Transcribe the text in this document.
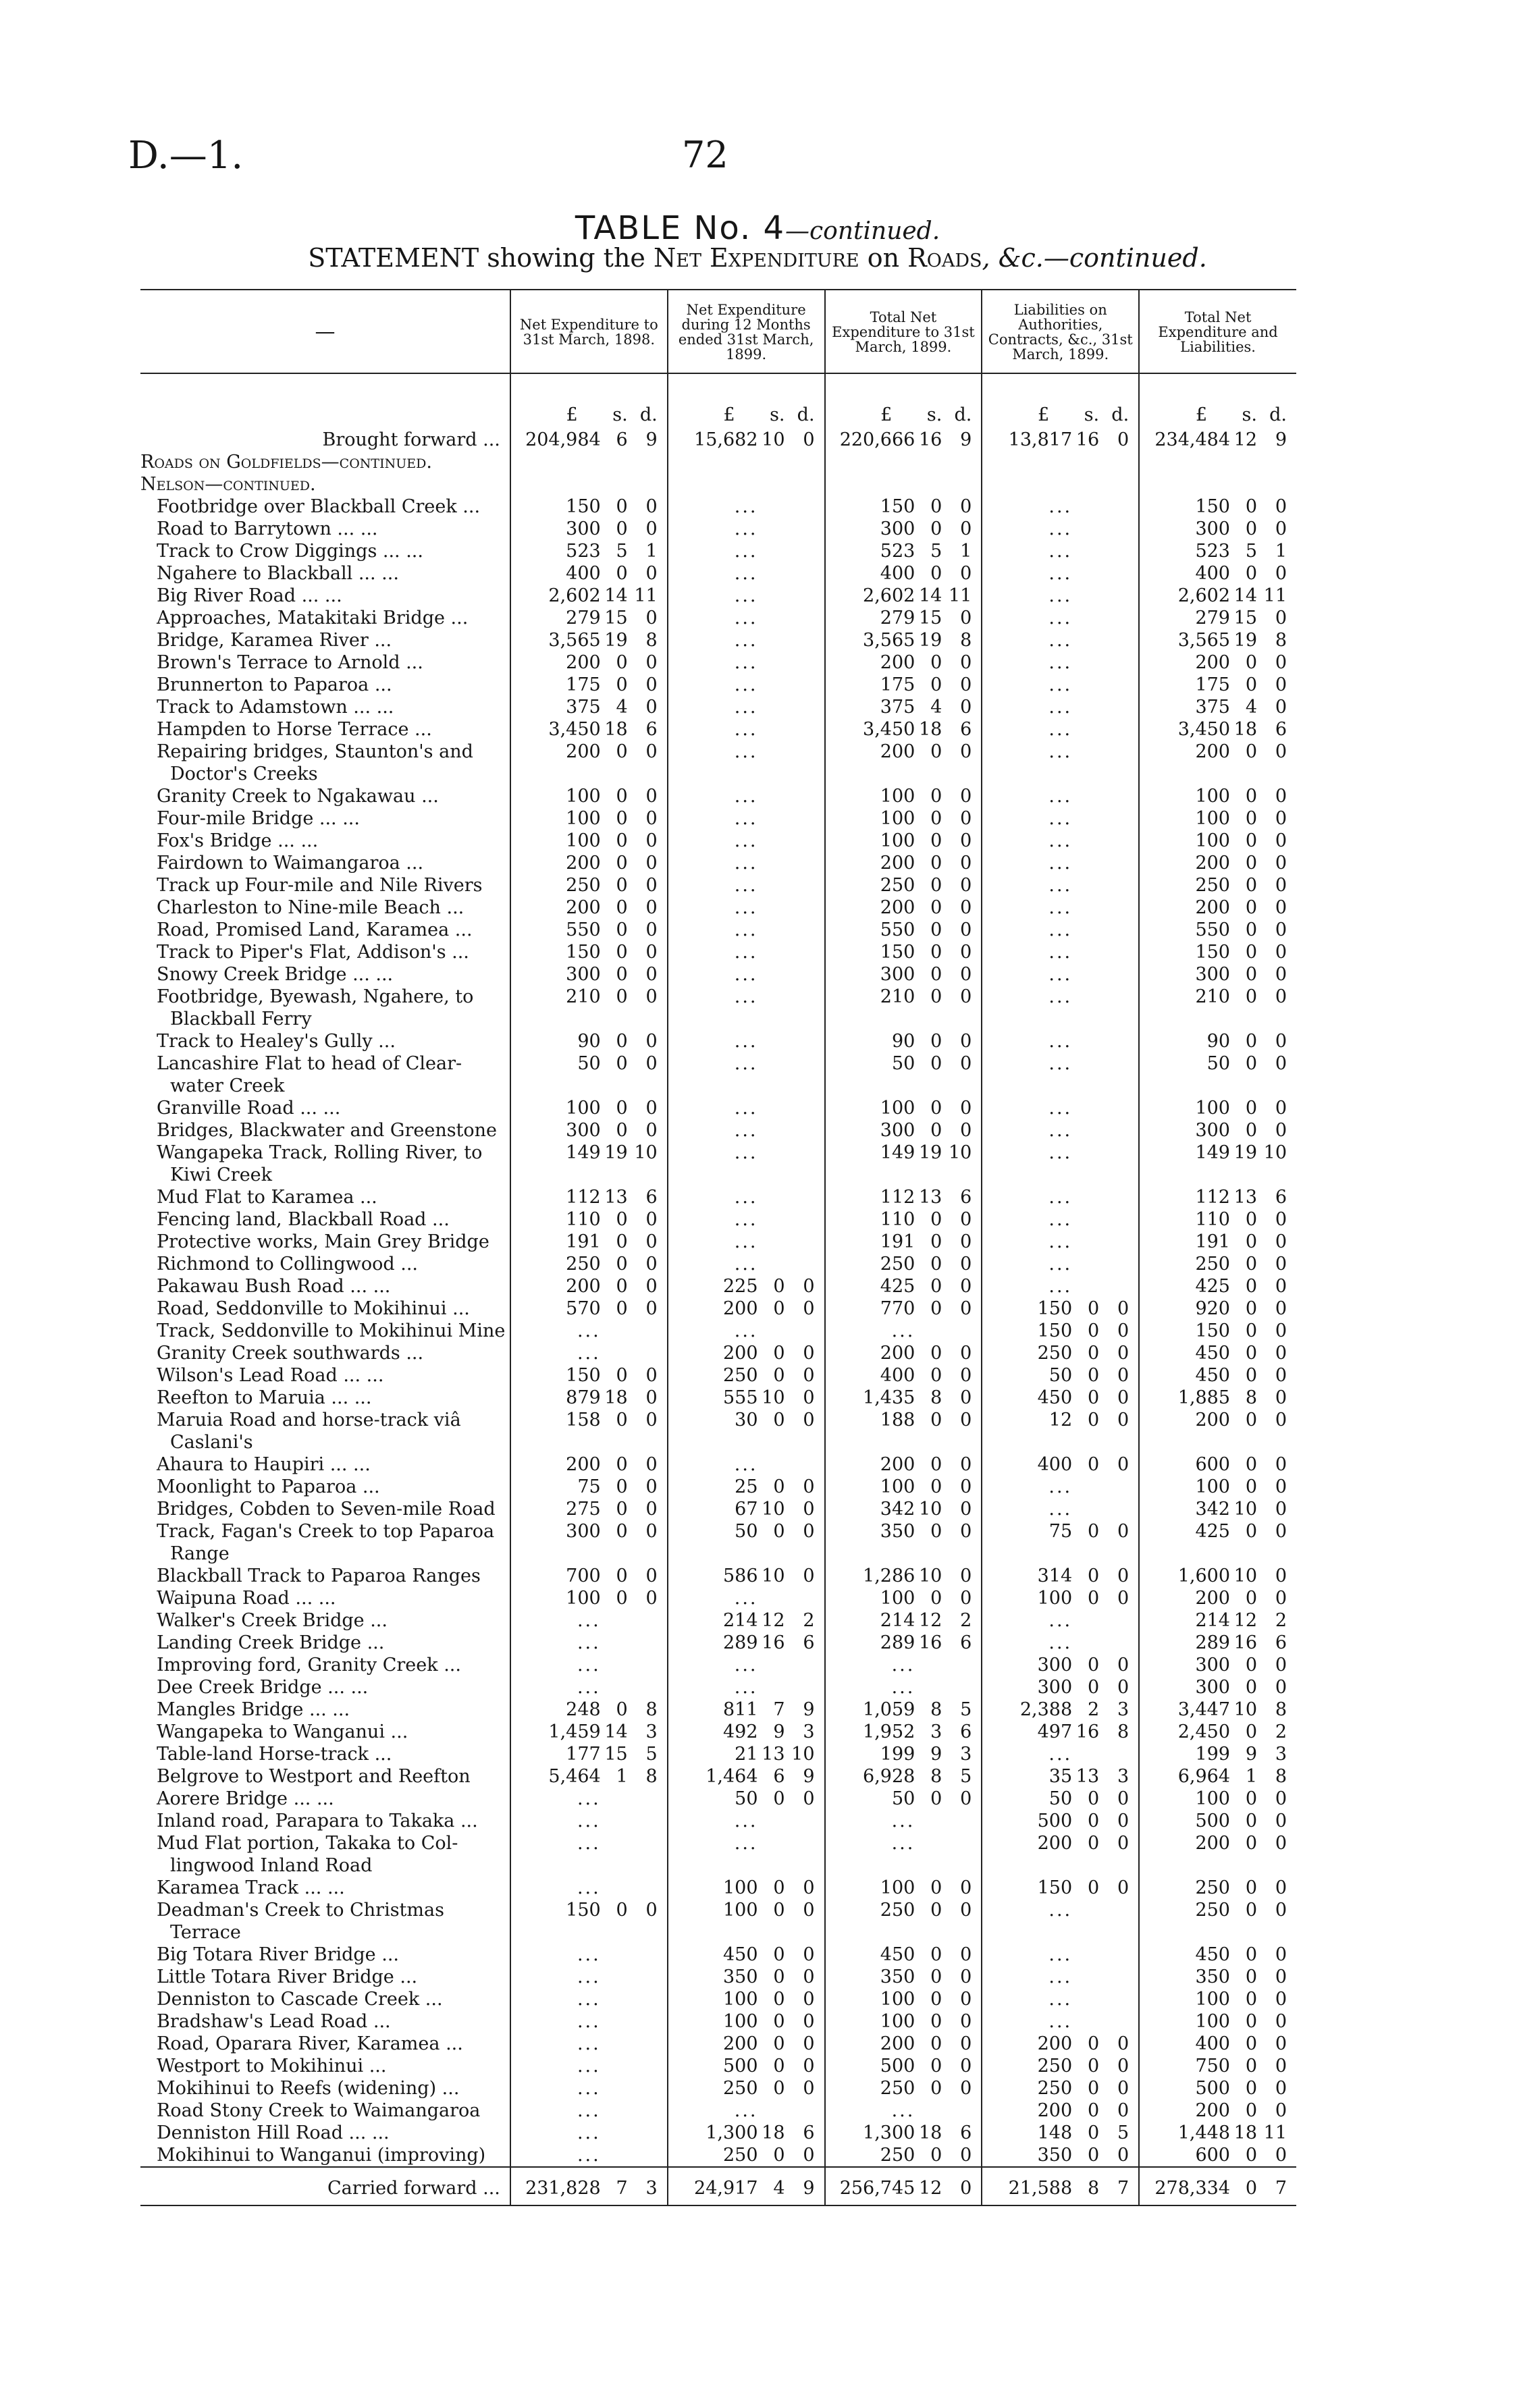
D.—1.	72
TABLE No. 4—continued.
STATEMENT showing the Net Expenditure on Roads, &c.—continued.
—	Net Expenditure to 31st March, 1898.	Net Expenditure during 12 Months ended 31st March, 1899.	Total Net Expenditure to 31st March, 1899.	Liabilities on Authorities, Contracts, &c., 31st March, 1899.	Total Net Expenditure and Liabilities.

	£ s. d.	£ s. d.	£ s. d.	£ s. d.	£ s. d.

Brought forward ...	204,984 6 9	15,682 10 0	220,666 16 9	13,817 16 0	234,484 12 9

Roads on Goldfields—continued.					
Nelson—continued.					

Footbridge over Blackball Creek ...	150 0 0	...	150 0 0	...	150 0 0

Road to Barrytown ... ...	300 0 0	...	300 0 0	...	300 0 0

Track to Crow Diggings ... ...	523 5 1	...	523 5 1	...	523 5 1

Ngahere to Blackball ... ...	400 0 0	...	400 0 0	...	400 0 0

Big River Road ... ...	2,602 14 11	...	2,602 14 11	...	2,602 14 11

Approaches, Matakitaki Bridge ...	279 15 0	...	279 15 0	...	279 15 0

Bridge, Karamea River ...	3,565 19 8	...	3,565 19 8	...	3,565 19 8

Brown's Terrace to Arnold ...	200 0 0	...	200 0 0	...	200 0 0

Brunnerton to Paparoa ...	175 0 0	...	175 0 0	...	175 0 0

Track to Adamstown ... ...	375 4 0	...	375 4 0	...	375 4 0

Hampden to Horse Terrace ...	3,450 18 6	...	3,450 18 6	...	3,450 18 6

Repairing bridges, Staunton's and
Doctor's Creeks	200 0 0	...	200 0 0	...	200 0 0

Granity Creek to Ngakawau ...	100 0 0	...	100 0 0	...	100 0 0

Four-mile Bridge ... ...	100 0 0	...	100 0 0	...	100 0 0

Fox's Bridge ... ...	100 0 0	...	100 0 0	...	100 0 0

Fairdown to Waimangaroa ...	200 0 0	...	200 0 0	...	200 0 0

Track up Four-mile and Nile Rivers	250 0 0	...	250 0 0	...	250 0 0

Charleston to Nine-mile Beach ...	200 0 0	...	200 0 0	...	200 0 0

Road, Promised Land, Karamea ...	550 0 0	...	550 0 0	...	550 0 0

Track to Piper's Flat, Addison's ...	150 0 0	...	150 0 0	...	150 0 0

Snowy Creek Bridge ... ...	300 0 0	...	300 0 0	...	300 0 0

Footbridge, Byewash, Ngahere, to
Blackball Ferry	210 0 0	...	210 0 0	...	210 0 0

Track to Healey's Gully ...	90 0 0	...	90 0 0	...	90 0 0

Lancashire Flat to head of Clear-
water Creek	50 0 0	...	50 0 0	...	50 0 0

Granville Road ... ...	100 0 0	...	100 0 0	...	100 0 0

Bridges, Blackwater and Greenstone	300 0 0	...	300 0 0	...	300 0 0

Wangapeka Track, Rolling River, to
Kiwi Creek	149 19 10	...	149 19 10	...	149 19 10

Mud Flat to Karamea ...	112 13 6	...	112 13 6	...	112 13 6

Fencing land, Blackball Road ...	110 0 0	...	110 0 0	...	110 0 0

Protective works, Main Grey Bridge	191 0 0	...	191 0 0	...	191 0 0

Richmond to Collingwood ...	250 0 0	...	250 0 0	...	250 0 0

Pakawau Bush Road ... ...	200 0 0	225 0 0	425 0 0	...	425 0 0

Road, Seddonville to Mokihinui ...	570 0 0	200 0 0	770 0 0	150 0 0	920 0 0

Track, Seddonville to Mokihinui Mine	...	...	...	150 0 0	150 0 0

Granity Creek southwards ...	...	200 0 0	200 0 0	250 0 0	450 0 0

Wilson's Lead Road ... ...	150 0 0	250 0 0	400 0 0	50 0 0	450 0 0

Reefton to Maruia ... ...	879 18 0	555 10 0	1,435 8 0	450 0 0	1,885 8 0

Maruia Road and horse-track viâ
Caslani's	158 0 0	30 0 0	188 0 0	12 0 0	200 0 0

Ahaura to Haupiri ... ...	200 0 0	...	200 0 0	400 0 0	600 0 0

Moonlight to Paparoa ...	75 0 0	25 0 0	100 0 0	...	100 0 0

Bridges, Cobden to Seven-mile Road	275 0 0	67 10 0	342 10 0	...	342 10 0

Track, Fagan's Creek to top Paparoa
Range	300 0 0	50 0 0	350 0 0	75 0 0	425 0 0

Blackball Track to Paparoa Ranges	700 0 0	586 10 0	1,286 10 0	314 0 0	1,600 10 0

Waipuna Road ... ...	100 0 0	...	100 0 0	100 0 0	200 0 0

Walker's Creek Bridge ...	...	214 12 2	214 12 2	...	214 12 2

Landing Creek Bridge ...	...	289 16 6	289 16 6	...	289 16 6

Improving ford, Granity Creek ...	...	...	...	300 0 0	300 0 0

Dee Creek Bridge ... ...	...	...	...	300 0 0	300 0 0

Mangles Bridge ... ...	248 0 8	811 7 9	1,059 8 5	2,388 2 3	3,447 10 8

Wangapeka to Wanganui ...	1,459 14 3	492 9 3	1,952 3 6	497 16 8	2,450 0 2

Table-land Horse-track ...	177 15 5	21 13 10	199 9 3	...	199 9 3

Belgrove to Westport and Reefton	5,464 1 8	1,464 6 9	6,928 8 5	35 13 3	6,964 1 8

Aorere Bridge ... ...	...	50 0 0	50 0 0	50 0 0	100 0 0

Inland road, Parapara to Takaka ...	...	...	...	500 0 0	500 0 0

Mud Flat portion, Takaka to Col-
lingwood Inland Road	...	...	...	200 0 0	200 0 0

Karamea Track ... ...	...	100 0 0	100 0 0	150 0 0	250 0 0

Deadman's Creek to Christmas
Terrace	150 0 0	100 0 0	250 0 0	...	250 0 0

Big Totara River Bridge ...	...	450 0 0	450 0 0	...	450 0 0

Little Totara River Bridge ...	...	350 0 0	350 0 0	...	350 0 0

Denniston to Cascade Creek ...	...	100 0 0	100 0 0	...	100 0 0

Bradshaw's Lead Road ...	...	100 0 0	100 0 0	...	100 0 0

Road, Oparara River, Karamea ...	...	200 0 0	200 0 0	200 0 0	400 0 0

Westport to Mokihinui ...	...	500 0 0	500 0 0	250 0 0	750 0 0

Mokihinui to Reefs (widening) ...	...	250 0 0	250 0 0	250 0 0	500 0 0

Road Stony Creek to Waimangaroa	...	...	...	200 0 0	200 0 0

Denniston Hill Road ... ...	...	1,300 18 6	1,300 18 6	148 0 5	1,448 18 11

Mokihinui to Wanganui (improving)	...	250 0 0	250 0 0	350 0 0	600 0 0

Carried forward ...	231,828 7 3	24,917 4 9	256,745 12 0	21,588 8 7	278,334 0 7
